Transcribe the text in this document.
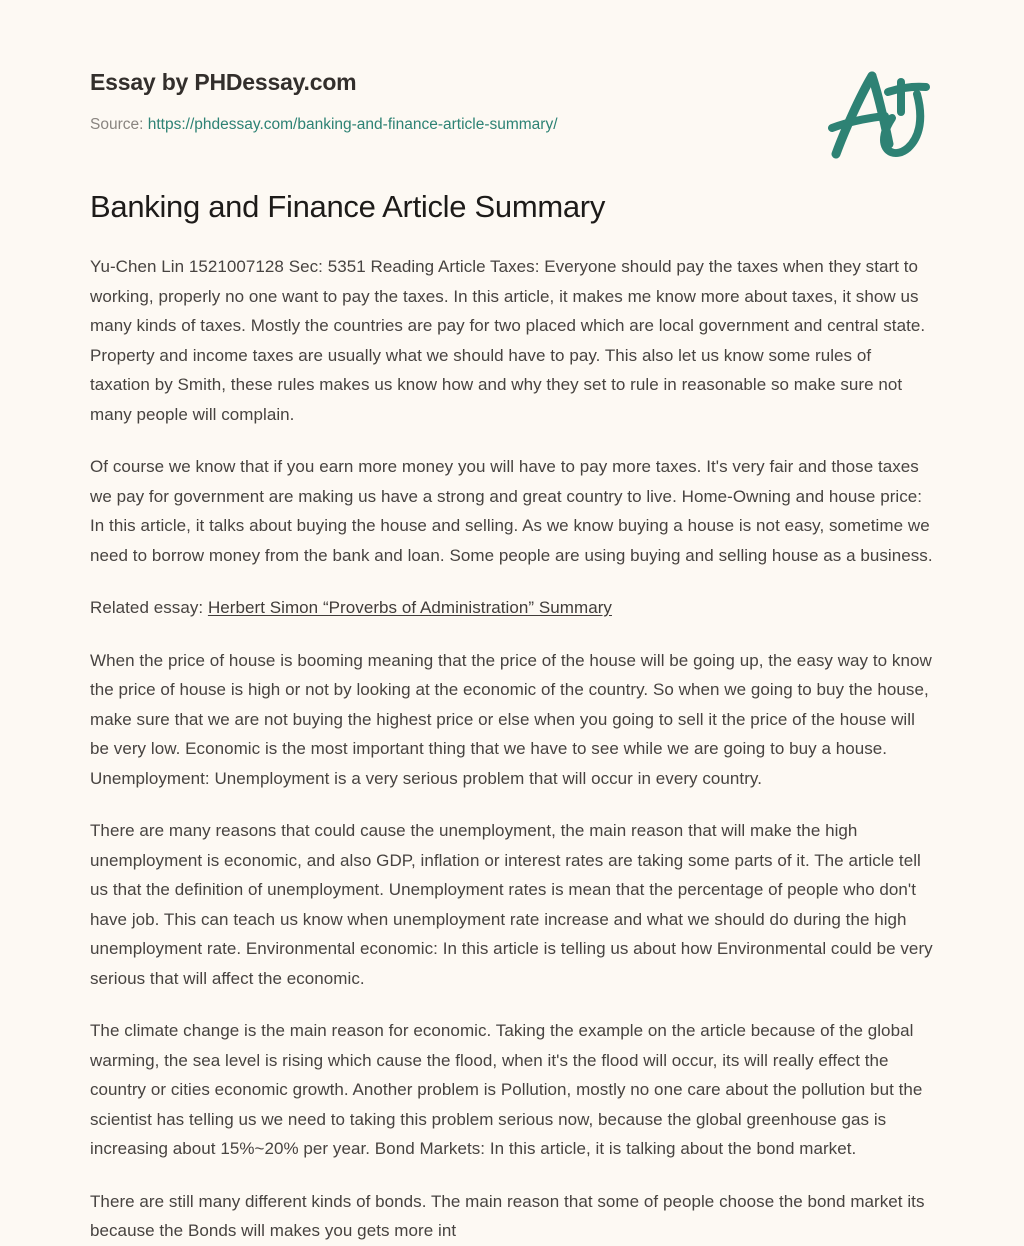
Essay by PHDessay.com
Source: https://phdessay.com/banking-and-finance-article-summary/
Banking and Finance Article Summary

Yu-Chen Lin 1521007128 Sec: 5351 Reading Article Taxes: Everyone should pay the taxes when they start to working, properly no one want to pay the taxes. In this article, it makes me know more about taxes, it show us many kinds of taxes. Mostly the countries are pay for two placed which are local government and central state. Property and income taxes are usually what we should have to pay. This also let us know some rules of taxation by Smith, these rules makes us know how and why they set to rule in reasonable so make sure not many people will complain.

Of course we know that if you earn more money you will have to pay more taxes. It's very fair and those taxes we pay for government are making us have a strong and great country to live. Home-Owning and house price: In this article, it talks about buying the house and selling. As we know buying a house is not easy, sometime we need to borrow money from the bank and loan. Some people are using buying and selling house as a business.

Related essay: Herbert Simon “Proverbs of Administration” Summary

When the price of house is booming meaning that the price of the house will be going up, the easy way to know the price of house is high or not by looking at the economic of the country. So when we going to buy the house, make sure that we are not buying the highest price or else when you going to sell it the price of the house will be very low. Economic is the most important thing that we have to see while we are going to buy a house. Unemployment: Unemployment is a very serious problem that will occur in every country.

There are many reasons that could cause the unemployment, the main reason that will make the high unemployment is economic, and also GDP, inflation or interest rates are taking some parts of it. The article tell us that the definition of unemployment. Unemployment rates is mean that the percentage of people who don't have job. This can teach us know when unemployment rate increase and what we should do during the high unemployment rate. Environmental economic: In this article is telling us about how Environmental could be very serious that will affect the economic.

The climate change is the main reason for economic. Taking the example on the article because of the global warming, the sea level is rising which cause the flood, when it's the flood will occur, its will really effect the country or cities economic growth. Another problem is Pollution, mostly no one care about the pollution but the scientist has telling us we need to taking this problem serious now, because the global greenhouse gas is increasing about 15%~20% per year. Bond Markets: In this article, it is talking about the bond market.

There are still many different kinds of bonds. The main reason that some of people choose the bond market its because the Bonds will makes you gets more int
